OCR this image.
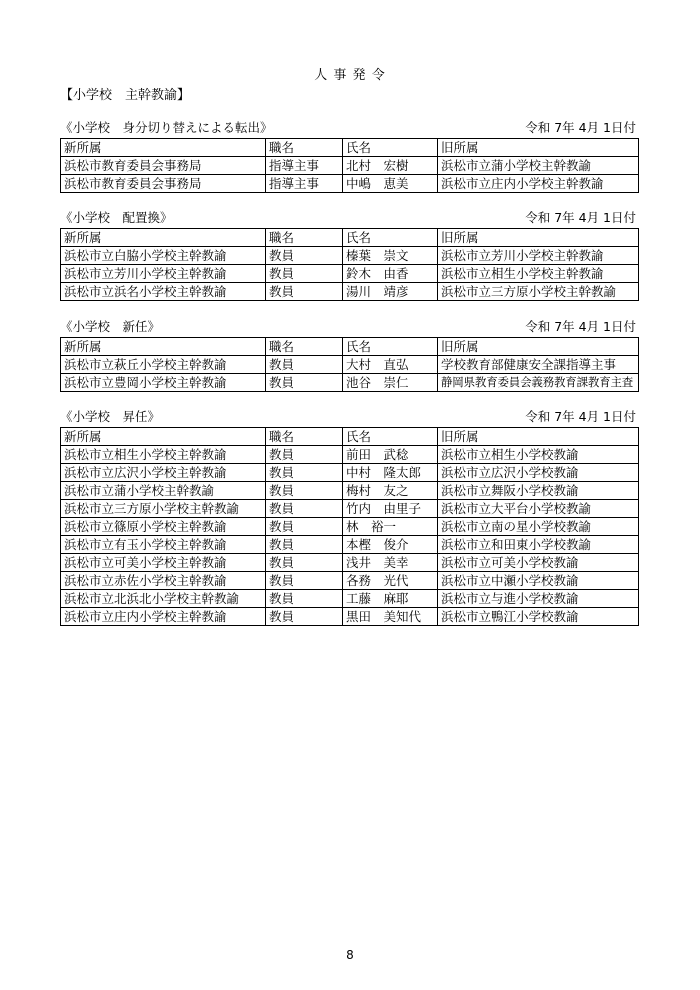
人 事 発 令
【小学校　主幹教諭】
《小学校　身分切り替えによる転出》	令和 7年 4月 1日付
新所属	職名	氏名	旧所属
浜松市教育委員会事務局	指導主事	北村　宏樹	浜松市立蒲小学校主幹教諭
浜松市教育委員会事務局	指導主事	中嶋　恵美	浜松市立庄内小学校主幹教諭
《小学校　配置換》	令和 7年 4月 1日付
新所属	職名	氏名	旧所属
浜松市立白脇小学校主幹教諭	教員	榛葉　崇文	浜松市立芳川小学校主幹教諭
浜松市立芳川小学校主幹教諭	教員	鈴木　由香	浜松市立相生小学校主幹教諭
浜松市立浜名小学校主幹教諭	教員	湯川　靖彦	浜松市立三方原小学校主幹教諭
《小学校　新任》	令和 7年 4月 1日付
新所属	職名	氏名	旧所属
浜松市立萩丘小学校主幹教諭	教員	大村　直弘	学校教育部健康安全課指導主事
浜松市立豊岡小学校主幹教諭	教員	池谷　崇仁	静岡県教育委員会義務教育課教育主査
《小学校　昇任》	令和 7年 4月 1日付
新所属	職名	氏名	旧所属
浜松市立相生小学校主幹教諭	教員	前田　武稔	浜松市立相生小学校教諭
浜松市立広沢小学校主幹教諭	教員	中村　隆太郎	浜松市立広沢小学校教諭
浜松市立蒲小学校主幹教諭	教員	梅村　友之	浜松市立舞阪小学校教諭
浜松市立三方原小学校主幹教諭	教員	竹内　由里子	浜松市立大平台小学校教諭
浜松市立篠原小学校主幹教諭	教員	林　裕一	浜松市立南の星小学校教諭
浜松市立有玉小学校主幹教諭	教員	本樫　俊介	浜松市立和田東小学校教諭
浜松市立可美小学校主幹教諭	教員	浅井　美幸	浜松市立可美小学校教諭
浜松市立赤佐小学校主幹教諭	教員	各務　光代	浜松市立中瀬小学校教諭
浜松市立北浜北小学校主幹教諭	教員	工藤　麻耶	浜松市立与進小学校教諭
浜松市立庄内小学校主幹教諭	教員	黒田　美知代	浜松市立鴨江小学校教諭
8
